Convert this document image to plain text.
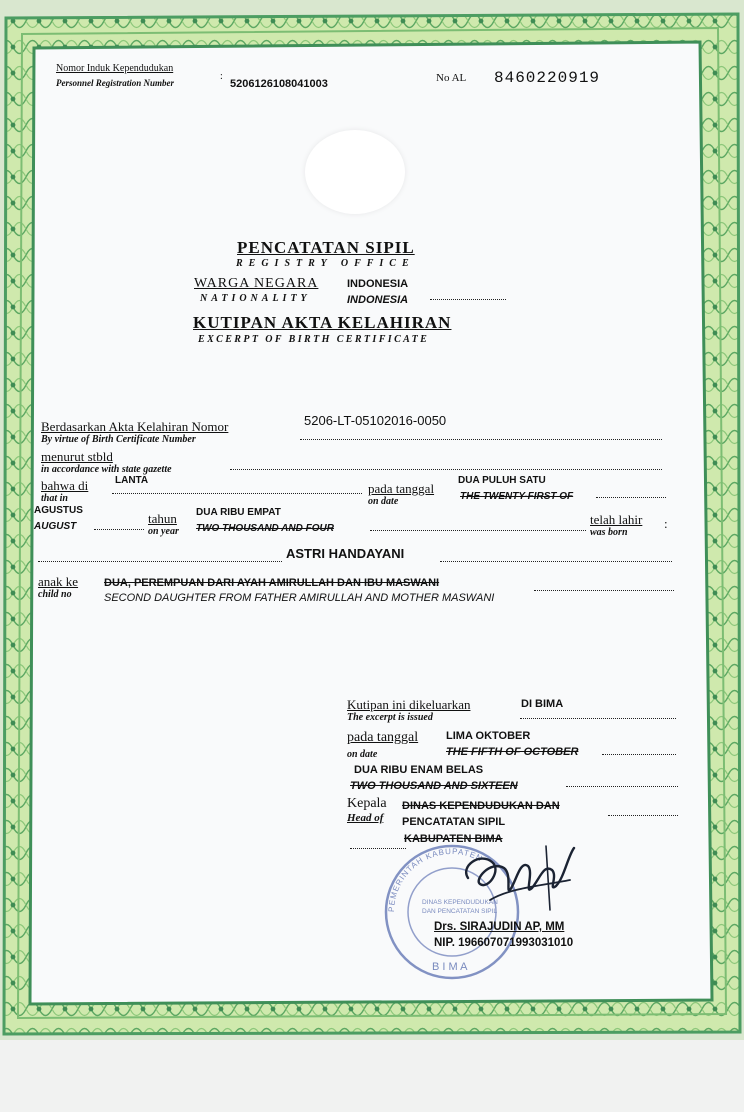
Nomor Induk Kependudukan
Personnel Registration Number
:
5206126108041003	No AL 8460220919
PENCATATAN SIPIL
REGISTRY OFFICE
WARGA NEGARA	INDONESIA
NATIONALITY	INDONESIA
KUTIPAN AKTA KELAHIRAN
EXCERPT OF BIRTH CERTIFICATE
Berdasarkan Akta Kelahiran Nomor
By virtue of Birth Certificate Number
5206-LT-05102016-0050
menurut stbld
in accordance with state gazette
bahwa di
that in
LANTA
pada tanggal
on date
DUA PULUH SATU
THE TWENTY-FIRST OF
AGUSTUS
AUGUST
tahun
on year
DUA RIBU EMPAT
TWO THOUSAND AND FOUR
telah lahir
was born
:
ASTRI HANDAYANI
anak ke
child no
DUA, PEREMPUAN DARI AYAH AMIRULLAH DAN IBU MASWANI
SECOND DAUGHTER FROM FATHER AMIRULLAH AND MOTHER MASWANI
Kutipan ini dikeluarkan
The excerpt is issued
DI BIMA
pada tanggal
on date
LIMA OKTOBER
THE FIFTH OF OCTOBER
DUA RIBU ENAM BELAS
TWO THOUSAND AND SIXTEEN
Kepala
Head of
DINAS KEPENDUDUKAN DAN
PENCATATAN SIPIL
KABUPATEN BIMA
PEMERINTAH KABUPATEN
DINAS KEPENDUDUKAN
DAN PENCATATAN SIPIL
B I M A
Drs. SIRAJUDIN AP, MM
NIP. 196607071993031010
